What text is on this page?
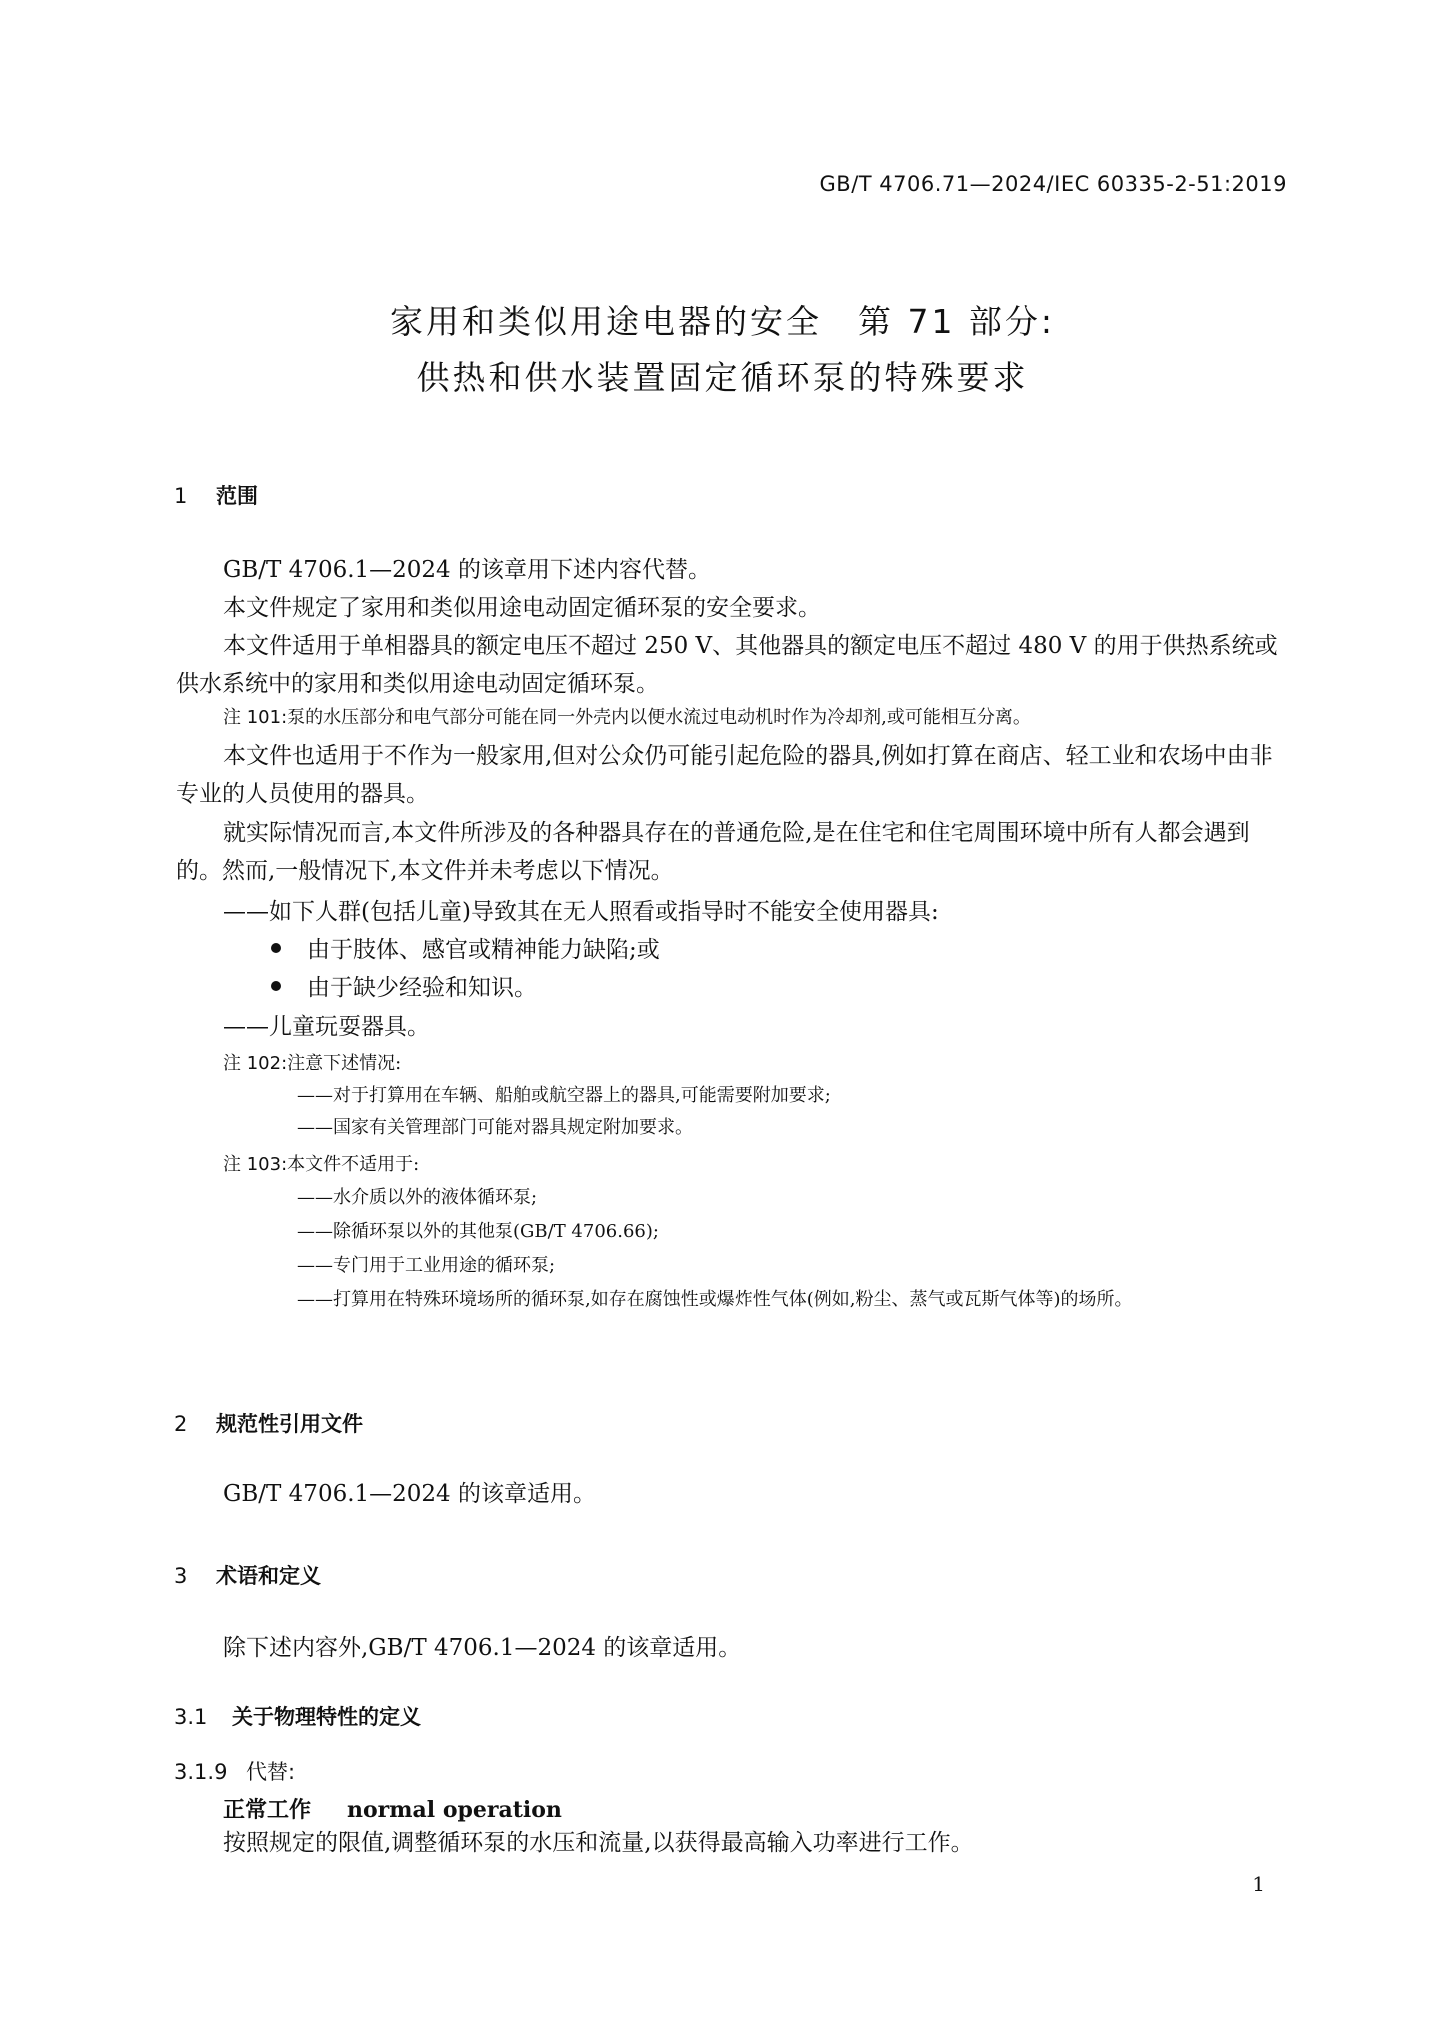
GB/T 4706.71—2024/IEC 60335-2-51:2019
家用和类似用途电器的安全　第 71 部分:
供热和供水装置固定循环泵的特殊要求
1 范围
GB/T 4706.1—2024 的该章用下述内容代替。
本文件规定了家用和类似用途电动固定循环泵的安全要求。
本文件适用于单相器具的额定电压不超过 250 V、其他器具的额定电压不超过 480 V 的用于供热系统或供水系统中的家用和类似用途电动固定循环泵。
注 101:泵的水压部分和电气部分可能在同一外壳内以便水流过电动机时作为冷却剂,或可能相互分离。
本文件也适用于不作为一般家用,但对公众仍可能引起危险的器具,例如打算在商店、轻工业和农场中由非专业的人员使用的器具。
就实际情况而言,本文件所涉及的各种器具存在的普通危险,是在住宅和住宅周围环境中所有人都会遇到的。然而,一般情况下,本文件并未考虑以下情况。
——如下人群(包括儿童)导致其在无人照看或指导时不能安全使用器具:
由于肢体、感官或精神能力缺陷;或
由于缺少经验和知识。
——儿童玩耍器具。
注 102:注意下述情况:
——对于打算用在车辆、船舶或航空器上的器具,可能需要附加要求;
——国家有关管理部门可能对器具规定附加要求。
注 103:本文件不适用于:
——水介质以外的液体循环泵;
——除循环泵以外的其他泵(GB/T 4706.66);
——专门用于工业用途的循环泵;
——打算用在特殊环境场所的循环泵,如存在腐蚀性或爆炸性气体(例如,粉尘、蒸气或瓦斯气体等)的场所。
2 规范性引用文件
GB/T 4706.1—2024 的该章适用。
3 术语和定义
除下述内容外,GB/T 4706.1—2024 的该章适用。
3.1 关于物理特性的定义
3.1.9 代替:
正常工作 normal operation
按照规定的限值,调整循环泵的水压和流量,以获得最高输入功率进行工作。
1
